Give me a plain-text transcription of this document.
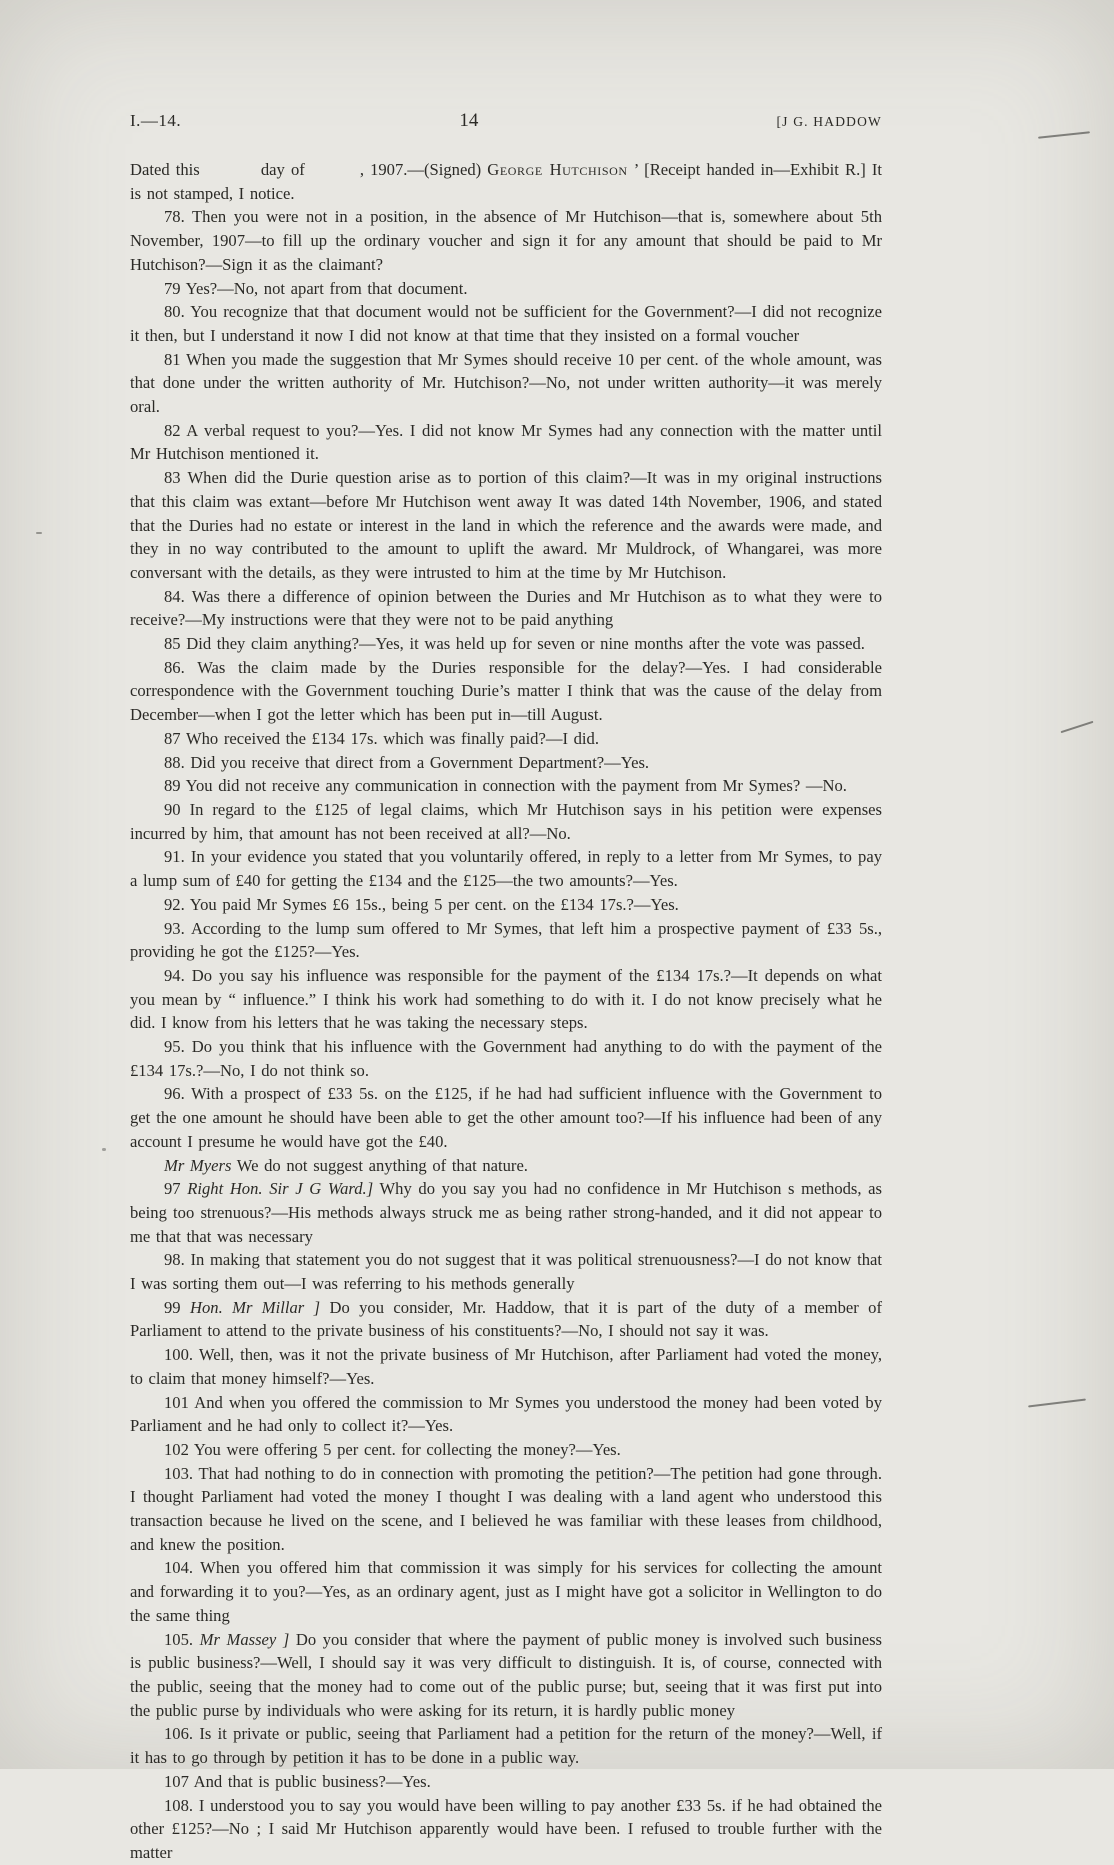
I.—14.	14	[J G. HADDOW

Dated this          day of         , 1907.—(Signed) George Hutchison ’ [Receipt handed in—Exhibit R.] It is not stamped, I notice.

78. Then you were not in a position, in the absence of Mr Hutchison—that is, somewhere about 5th November, 1907—to fill up the ordinary voucher and sign it for any amount that should be paid to Mr Hutchison?—Sign it as the claimant?

79 Yes?—No, not apart from that document.

80. You recognize that that document would not be sufficient for the Government?—I did not recognize it then, but I understand it now I did not know at that time that they insisted on a formal voucher

81 When you made the suggestion that Mr Symes should receive 10 per cent. of the whole amount, was that done under the written authority of Mr. Hutchison?—No, not under written authority—it was merely oral.

82 A verbal request to you?—Yes. I did not know Mr Symes had any connection with the matter until Mr Hutchison mentioned it.

83 When did the Durie question arise as to portion of this claim?—It was in my original instructions that this claim was extant—before Mr Hutchison went away It was dated 14th November, 1906, and stated that the Duries had no estate or interest in the land in which the reference and the awards were made, and they in no way contributed to the amount to uplift the award. Mr Muldrock, of Whangarei, was more conversant with the details, as they were intrusted to him at the time by Mr Hutchison.

84. Was there a difference of opinion between the Duries and Mr Hutchison as to what they were to receive?—My instructions were that they were not to be paid anything

85 Did they claim anything?—Yes, it was held up for seven or nine months after the vote was passed.

86. Was the claim made by the Duries responsible for the delay?—Yes. I had considerable correspondence with the Government touching Durie’s matter I think that was the cause of the delay from December—when I got the letter which has been put in—till August.

87 Who received the £134 17s. which was finally paid?—I did.

88. Did you receive that direct from a Government Department?—Yes.

89 You did not receive any communication in connection with the payment from Mr Symes? —No.

90 In regard to the £125 of legal claims, which Mr Hutchison says in his petition were expenses incurred by him, that amount has not been received at all?—No.

91. In your evidence you stated that you voluntarily offered, in reply to a letter from Mr Symes, to pay a lump sum of £40 for getting the £134 and the £125—the two amounts?—Yes.

92. You paid Mr Symes £6 15s., being 5 per cent. on the £134 17s.?—Yes.

93. According to the lump sum offered to Mr Symes, that left him a prospective payment of £33 5s., providing he got the £125?—Yes.

94. Do you say his influence was responsible for the payment of the £134 17s.?—It depends on what you mean by “ influence.” I think his work had something to do with it. I do not know precisely what he did. I know from his letters that he was taking the necessary steps.

95. Do you think that his influence with the Government had anything to do with the payment of the £134 17s.?—No, I do not think so.

96. With a prospect of £33 5s. on the £125, if he had had sufficient influence with the Government to get the one amount he should have been able to get the other amount too?—If his influence had been of any account I presume he would have got the £40.

Mr Myers We do not suggest anything of that nature.

97 Right Hon. Sir J G Ward.] Why do you say you had no confidence in Mr Hutchison s methods, as being too strenuous?—His methods always struck me as being rather strong-handed, and it did not appear to me that that was necessary

98. In making that statement you do not suggest that it was political strenuousness?—I do not know that I was sorting them out—I was referring to his methods generally

99 Hon. Mr Millar ] Do you consider, Mr. Haddow, that it is part of the duty of a member of Parliament to attend to the private business of his constituents?—No, I should not say it was.

100. Well, then, was it not the private business of Mr Hutchison, after Parliament had voted the money, to claim that money himself?—Yes.

101 And when you offered the commission to Mr Symes you understood the money had been voted by Parliament and he had only to collect it?—Yes.

102 You were offering 5 per cent. for collecting the money?—Yes.

103. That had nothing to do in connection with promoting the petition?—The petition had gone through. I thought Parliament had voted the money I thought I was dealing with a land agent who understood this transaction because he lived on the scene, and I believed he was familiar with these leases from childhood, and knew the position.

104. When you offered him that commission it was simply for his services for collecting the amount and forwarding it to you?—Yes, as an ordinary agent, just as I might have got a solicitor in Wellington to do the same thing

105. Mr Massey ] Do you consider that where the payment of public money is involved such business is public business?—Well, I should say it was very difficult to distinguish. It is, of course, connected with the public, seeing that the money had to come out of the public purse; but, seeing that it was first put into the public purse by individuals who were asking for its return, it is hardly public money

106. Is it private or public, seeing that Parliament had a petition for the return of the money?—Well, if it has to go through by petition it has to be done in a public way.

107 And that is public business?—Yes.

108. I understood you to say you would have been willing to pay another £33 5s. if he had obtained the other £125?—No ; I said Mr Hutchison apparently would have been. I refused to trouble further with the matter
